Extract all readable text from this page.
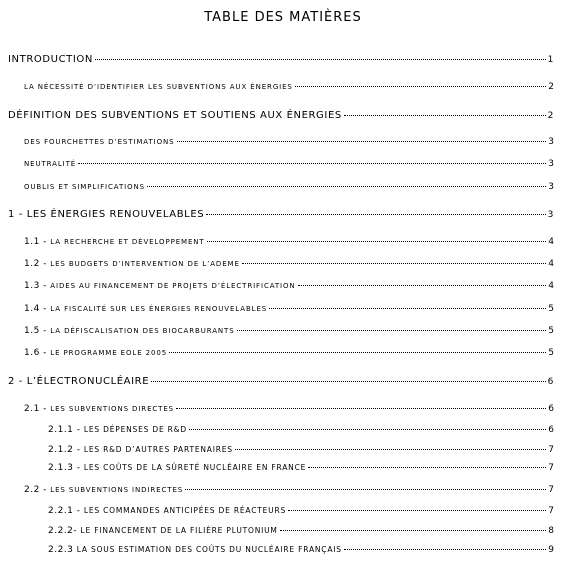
TABLE DES MATIÈRES
INTRODUCTION	1
LA NÉCESSITÉ D’IDENTIFIER LES SUBVENTIONS AUX ÉNERGIES	2
DÉFINITION DES SUBVENTIONS ET SOUTIENS AUX ÉNERGIES	2
DES FOURCHETTES D’ESTIMATIONS	3
NEUTRALITÉ	3
OUBLIS ET SIMPLIFICATIONS	3
1 - LES ÉNERGIES RENOUVELABLES	3
1.1 - LA RECHERCHE ET DÉVELOPPEMENT	4
1.2 - LES BUDGETS D’INTERVENTION DE L’ADEME	4
1.3 - AIDES AU FINANCEMENT DE PROJETS D’ÉLECTRIFICATION	4
1.4 - LA FISCALITÉ SUR LES ÉNERGIES RENOUVELABLES	5
1.5 - LA DÉFISCALISATION DES BIOCARBURANTS	5
1.6 - LE PROGRAMME EOLE 2005	5
2 - L’ÉLECTRONUCLÉAIRE	6
2.1 - LES SUBVENTIONS DIRECTES	6
2.1.1 - LES DÉPENSES DE R&D	6
2.1.2 - LES R&D D’AUTRES PARTENAIRES	7
2.1.3 - LES COÛTS DE LA SÛRETÉ NUCLÉAIRE EN FRANCE	7
2.2 - LES SUBVENTIONS INDIRECTES	7
2.2.1 - LES COMMANDES ANTICIPÉES DE RÉACTEURS	7
2.2.2- LE FINANCEMENT DE LA FILIÈRE PLUTONIUM	8
2.2.3 LA SOUS ESTIMATION DES COÛTS DU NUCLÉAIRE FRANÇAIS	9
